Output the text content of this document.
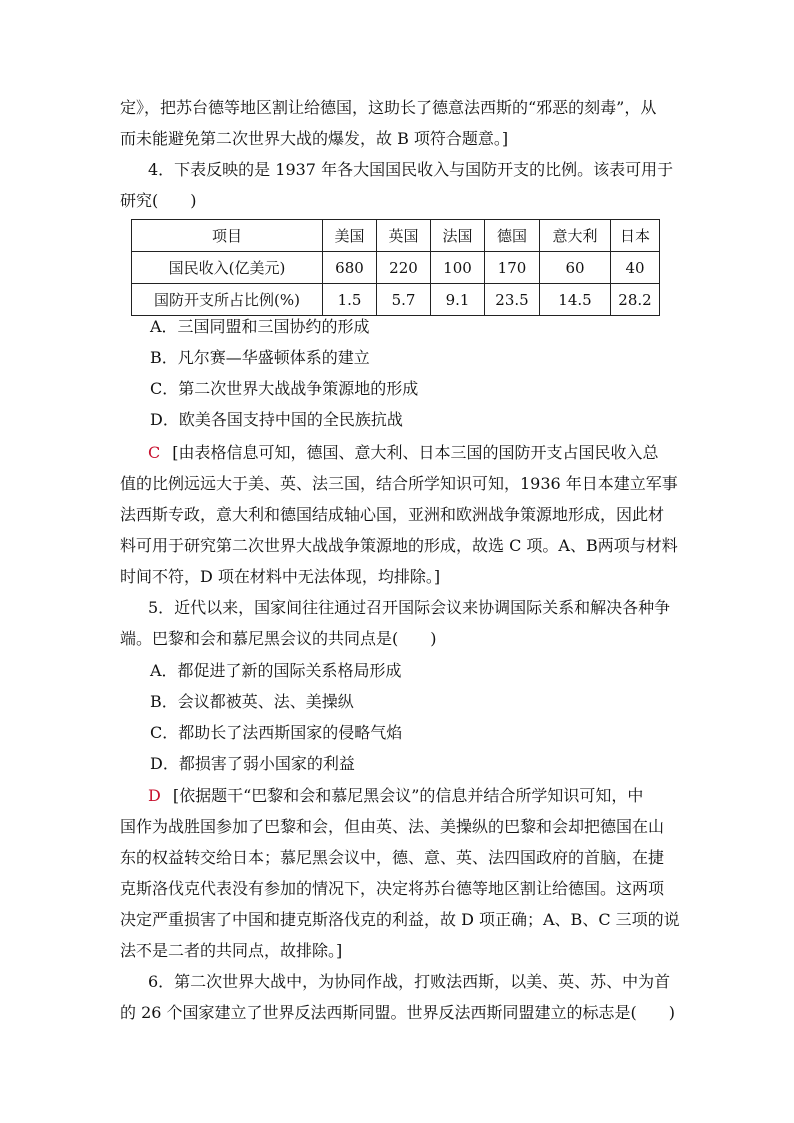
定》，把苏台德等地区割让给德国，这助长了德意法西斯的“邪恶的刻毒”，从
而未能避免第二次世界大战的爆发，故 B 项符合题意。]
4．下表反映的是 1937 年各大国国民收入与国防开支的比例。该表可用于
研究(　　)
项目	美国	英国	法国	德国	意大利	日本
国民收入(亿美元)	680	220	100	170	60	40
国防开支所占比例(%)	1.5	5.7	9.1	23.5	14.5	28.2
A．三国同盟和三国协约的形成
B．凡尔赛—华盛顿体系的建立
C．第二次世界大战战争策源地的形成
D．欧美各国支持中国的全民族抗战
C [由表格信息可知，德国、意大利、日本三国的国防开支占国民收入总
值的比例远远大于美、英、法三国，结合所学知识可知，1936 年日本建立军事
法西斯专政，意大利和德国结成轴心国，亚洲和欧洲战争策源地形成，因此材
料可用于研究第二次世界大战战争策源地的形成，故选 C 项。A、B两项与材料
时间不符，D 项在材料中无法体现，均排除。]
5．近代以来，国家间往往通过召开国际会议来协调国际关系和解决各种争
端。巴黎和会和慕尼黑会议的共同点是(　　)
A．都促进了新的国际关系格局形成
B．会议都被英、法、美操纵
C．都助长了法西斯国家的侵略气焰
D．都损害了弱小国家的利益
D [依据题干“巴黎和会和慕尼黑会议”的信息并结合所学知识可知，中
国作为战胜国参加了巴黎和会，但由英、法、美操纵的巴黎和会却把德国在山
东的权益转交给日本；慕尼黑会议中，德、意、英、法四国政府的首脑，在捷
克斯洛伐克代表没有参加的情况下，决定将苏台德等地区割让给德国。这两项
决定严重损害了中国和捷克斯洛伐克的利益，故 D 项正确；A、B、C 三项的说
法不是二者的共同点，故排除。]
6．第二次世界大战中，为协同作战，打败法西斯，以美、英、苏、中为首
的 26 个国家建立了世界反法西斯同盟。世界反法西斯同盟建立的标志是(　　)
